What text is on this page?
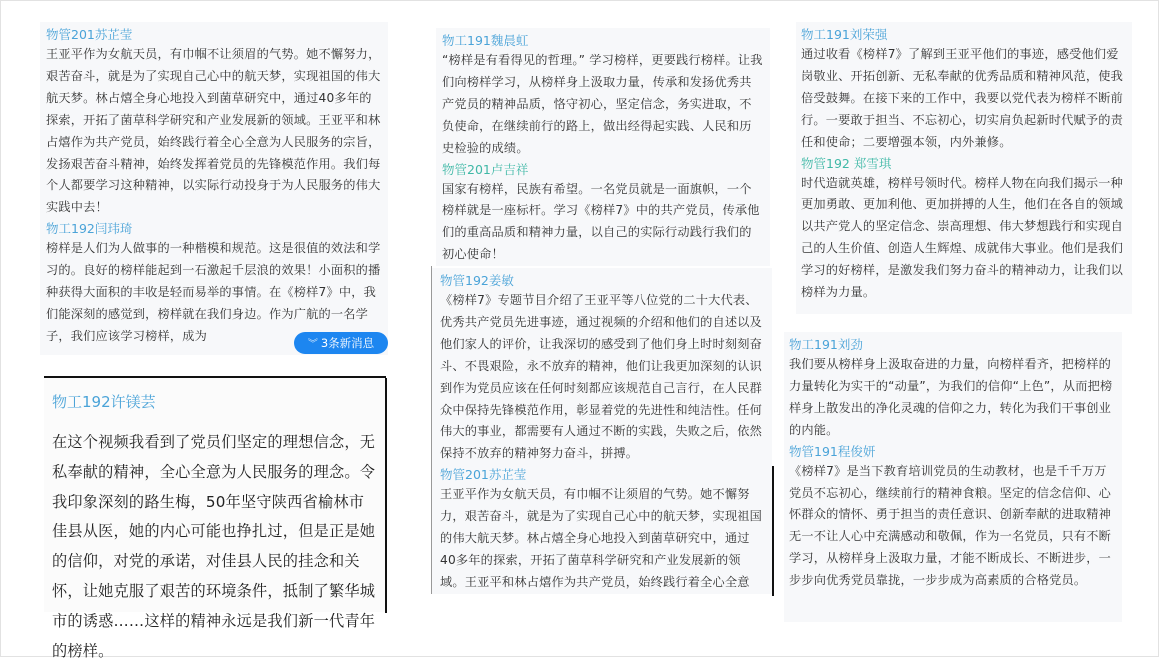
物管201苏芷莹
王亚平作为女航天员，有巾帼不让须眉的气势。她不懈努力，艰苦奋斗，就是为了实现自己心中的航天梦，实现祖国的伟大航天梦。林占熺全身心地投入到菌草研究中，通过40多年的探索，开拓了菌草科学研究和产业发展新的领域。王亚平和林占熺作为共产党员，始终践行着全心全意为人民服务的宗旨，发扬艰苦奋斗精神，始终发挥着党员的先锋模范作用。我们每个人都要学习这种精神，以实际行动投身于为人民服务的伟大实践中去！
物工192闫玮琦
榜样是人们为人做事的一种楷模和规范。这是很值的效法和学习的。良好的榜样能起到一石激起千层浪的效果！小面积的播种获得大面积的丰收是轻而易举的事情。在《榜样7》中，我们能深刻的感觉到，榜样就在我们身边。作为广航的一名学子，我们应该学习榜样，成为
︾ 3条新消息
物工192许镁芸
在这个视频我看到了党员们坚定的理想信念，无私奉献的精神，全心全意为人民服务的理念。令我印象深刻的路生梅，50年坚守陕西省榆林市佳县从医，她的内心可能也挣扎过，但是正是她的信仰，对党的承诺，对佳县人民的挂念和关怀，让她克服了艰苦的环境条件，抵制了繁华城市的诱惑……这样的精神永远是我们新一代青年的榜样。
物工191魏晨虹
“榜样是有看得见的哲理。” 学习榜样，更要践行榜样。让我们向榜样学习，从榜样身上汲取力量，传承和发扬优秀共产党员的精神品质，恪守初心，坚定信念，务实进取，不负使命，在继续前行的路上，做出经得起实践、人民和历史检验的成绩。
物管201卢吉祥
国家有榜样，民族有希望。一名党员就是一面旗帜，一个榜样就是一座标杆。学习《榜样7》中的共产党员，传承他们的重高品质和精神力量，以自己的实际行动践行我们的初心使命！
物管192姜敏
《榜样7》专题节目介绍了王亚平等八位党的二十大代表、优秀共产党员先进事迹，通过视频的介绍和他们的自述以及他们家人的评价，让我深切的感受到了他们身上时时刻刻奋斗、不畏艰险，永不放弃的精神，他们让我更加深刻的认识到作为党员应该在任何时刻都应该规范自己言行，在人民群众中保持先锋模范作用，彰显着党的先进性和纯洁性。任何伟大的事业，都需要有人通过不断的实践，失败之后，依然保持不放弃的精神努力奋斗，拼搏。
物管201苏芷莹
王亚平作为女航天员，有巾帼不让须眉的气势。她不懈努力，艰苦奋斗，就是为了实现自己心中的航天梦，实现祖国的伟大航天梦。林占熺全身心地投入到菌草研究中，通过40多年的探索，开拓了菌草科学研究和产业发展新的领域。王亚平和林占熺作为共产党员，始终践行着全心全意
物工191刘荣强
通过收看《榜样7》了解到王亚平他们的事迹，感受他们爱岗敬业、开拓创新、无私奉献的优秀品质和精神风范，使我倍受鼓舞。在接下来的工作中，我要以党代表为榜样不断前行。一要敢于担当、不忘初心，切实肩负起新时代赋予的责任和使命；二要增强本领，内外兼修。
物管192 郑雪琪
时代造就英雄，榜样号领时代。榜样人物在向我们揭示一种更加勇敢、更加利他、更加拼搏的人生，他们在各自的领域以共产党人的坚定信念、崇高理想、伟大梦想践行和实现自己的人生价值、创造人生辉煌、成就伟大事业。他们是我们学习的好榜样，是激发我们努力奋斗的精神动力，让我们以榜样为力量。
物工191刘劲
我们要从榜样身上汲取奋进的力量，向榜样看齐，把榜样的力量转化为实干的“动量”，为我们的信仰“上色”，从而把榜样身上散发出的净化灵魂的信仰之力，转化为我们干事创业的内能。
物管191程俊妍
《榜样7》是当下教育培训党员的生动教材，也是千千万万党员不忘初心，继续前行的精神食粮。坚定的信念信仰、心怀群众的情怀、勇于担当的责任意识、创新奉献的进取精神无一不让人心中充满感动和敬佩，作为一名党员，只有不断学习，从榜样身上汲取力量，才能不断成长、不断进步，一步步向优秀党员靠拢，一步步成为高素质的合格党员。
